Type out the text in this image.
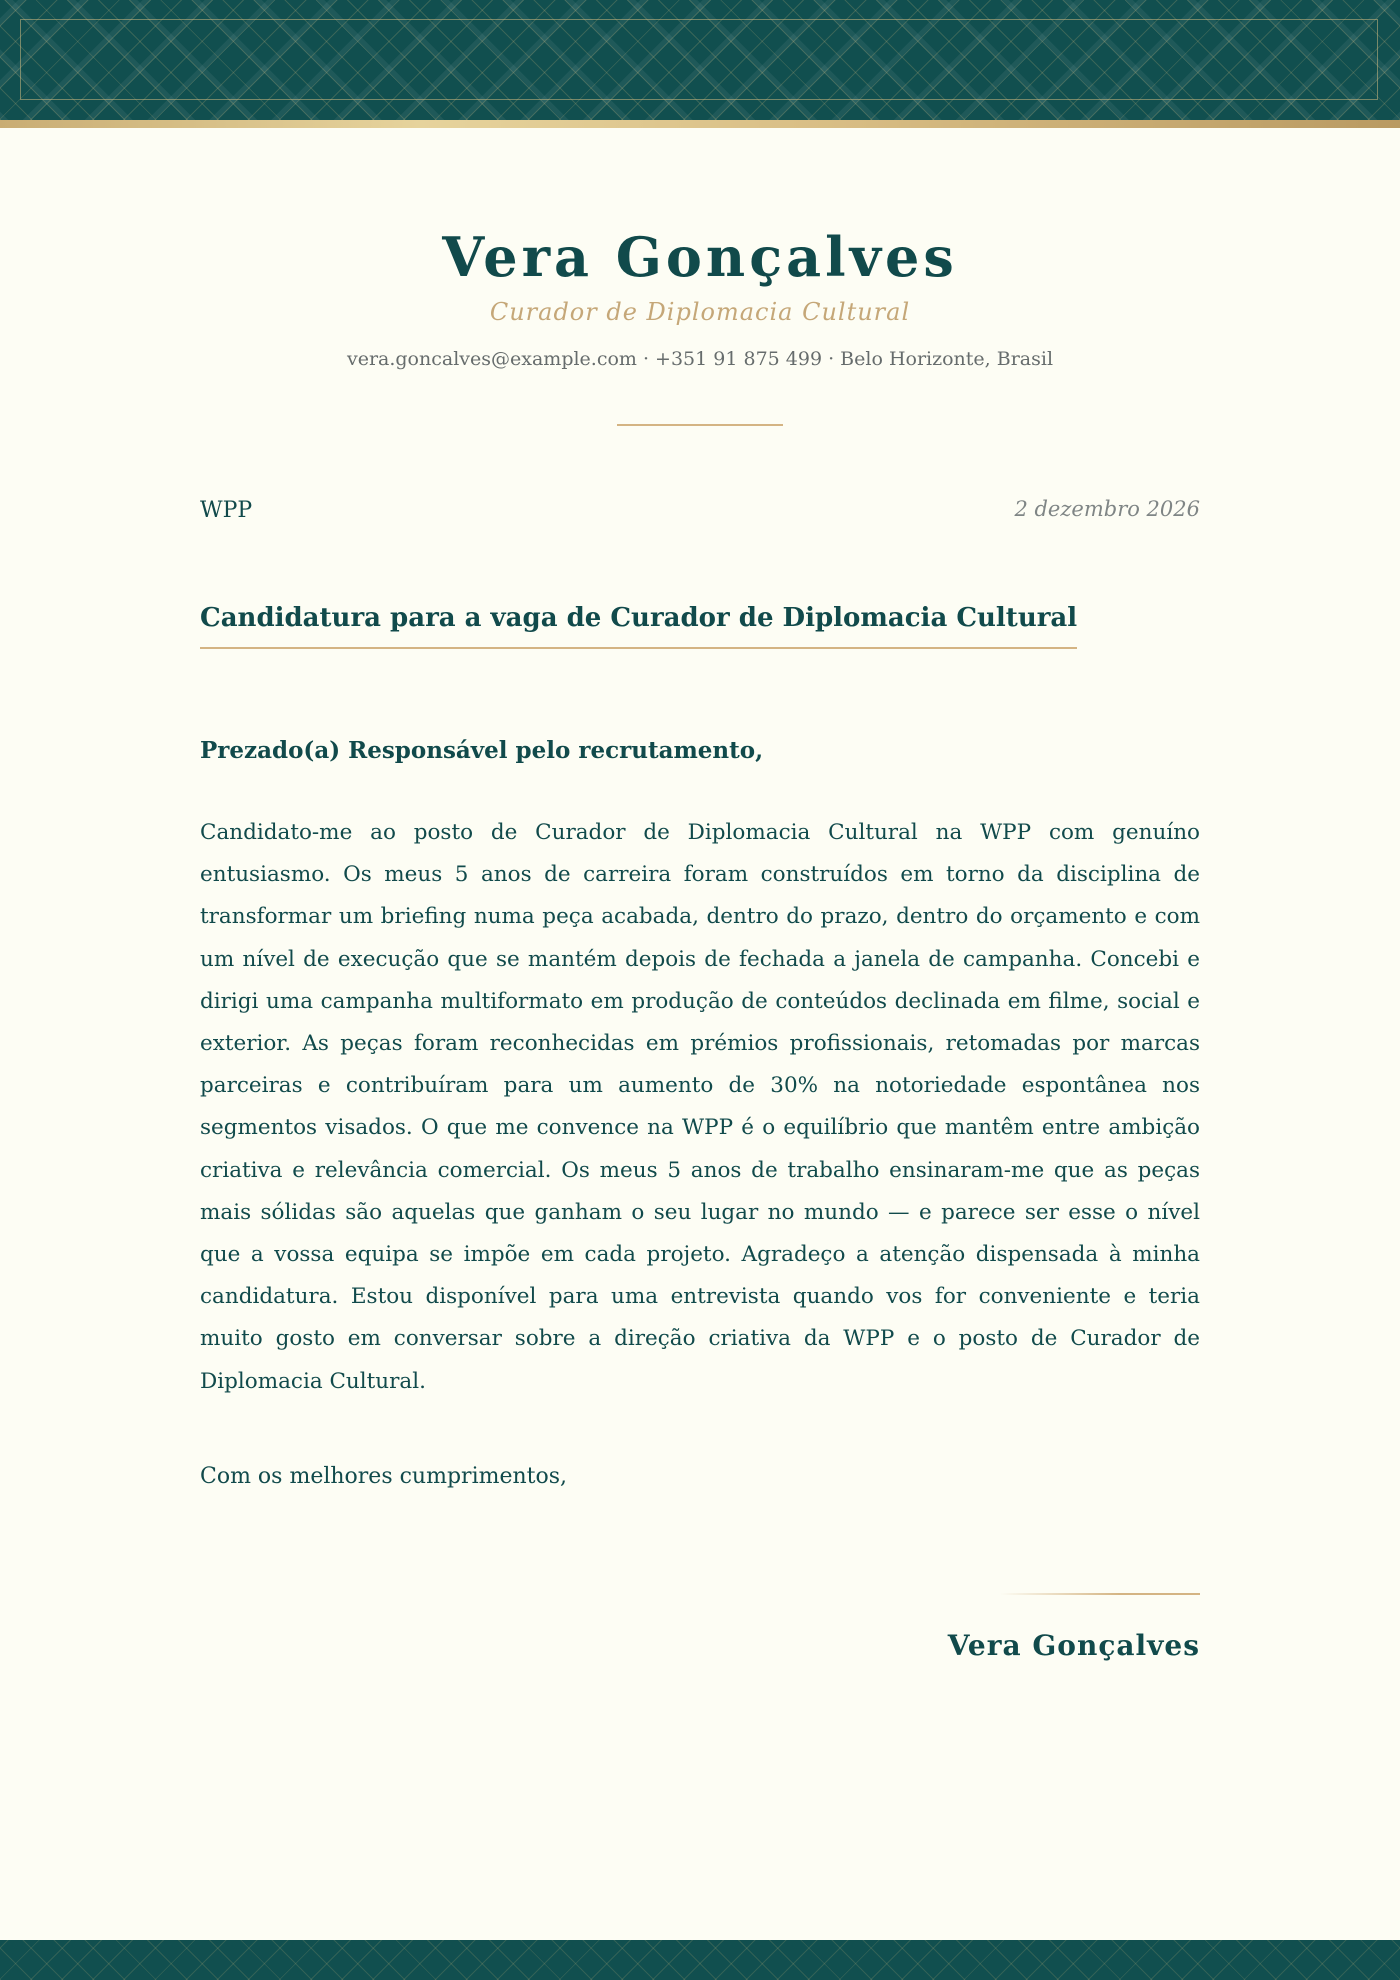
Vera Gonçalves
Curador de Diplomacia Cultural
vera.goncalves@example.com · +351 91 875 499 · Belo Horizonte, Brasil
WPP	2 dezembro 2026
Candidatura para a vaga de Curador de Diplomacia Cultural
Prezado(a) Responsável pelo recrutamento,

Candidato-me ao posto de Curador de Diplomacia Cultural na WPP com genuíno entusiasmo. Os meus 5 anos de carreira foram construídos em torno da disciplina de transformar um briefing numa peça acabada, dentro do prazo, dentro do orçamento e com um nível de execução que se mantém depois de fechada a janela de campanha. Concebi e dirigi uma campanha multiformato em produção de conteúdos declinada em filme, social e exterior. As peças foram reconhecidas em prémios profissionais, retomadas por marcas parceiras e contribuíram para um aumento de 30% na notoriedade espontânea nos segmentos visados. O que me convence na WPP é o equilíbrio que mantêm entre ambição criativa e relevância comercial. Os meus 5 anos de trabalho ensinaram-me que as peças mais sólidas são aquelas que ganham o seu lugar no mundo — e parece ser esse o nível que a vossa equipa se impõe em cada projeto. Agradeço a atenção dispensada à minha candidatura. Estou disponível para uma entrevista quando vos for conveniente e teria muito gosto em conversar sobre a direção criativa da WPP e o posto de Curador de Diplomacia Cultural.

Com os melhores cumprimentos,
Vera Gonçalves
